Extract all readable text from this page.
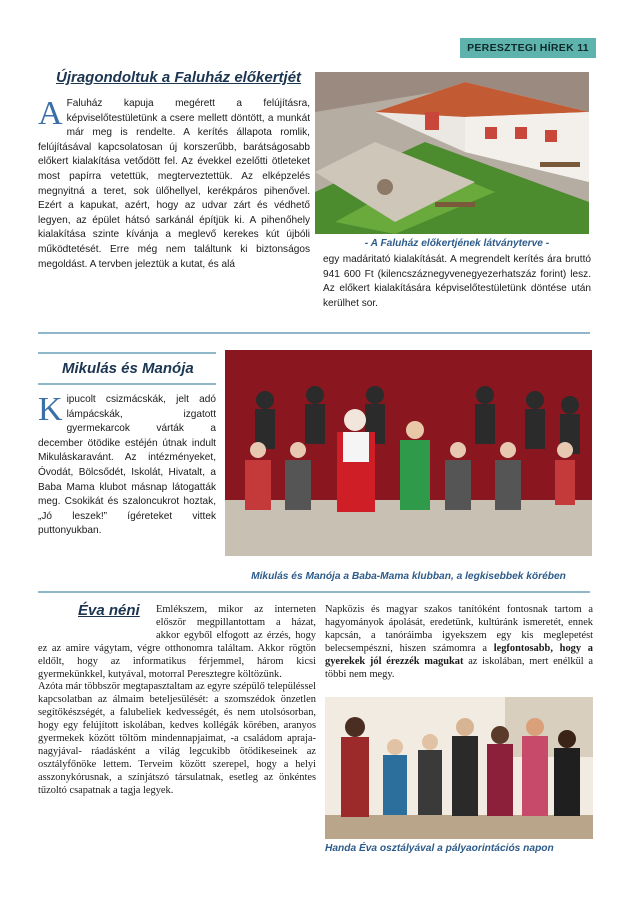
PERESZTEGI HÍREK 11
Újragondoltuk a Faluház előkertjét
A Faluház kapuja megérett a felújításra, képviselőtestületünk a csere mellett döntött, a munkát már meg is rendelte. A kerítés állapota romlik, felújításával kapcsolatosan új korszerűbb, barátságosabb előkert kialakítása vetődött fel. Az évekkel ezelőtti ötleteket most papírra vetettük, megterveztettük. Az elképzelés megnyitná a teret, sok ülőhellyel, kerékpáros pihenővel. Ezért a kapukat, azért, hogy az udvar zárt és védhető legyen, az épület hátsó sarkánál építjük ki. A pihenőhely kialakítása szinte kívánja a meglevő kerekes kút újbóli működtetését. Erre még nem találtunk ki biztonságos megoldást. A tervben jeleztük a kutat, és alá
- A Faluház előkertjének látványterve -
egy madáritató kialakítását. A megrendelt kerítés ára bruttó 941 600 Ft (kilencszáznegyvenegyezerhatszáz forint) lesz. Az előkert kialakítására képviselőtestületünk döntése után kerülhet sor.
Mikulás és Manója
K ipucolt csizmácskák, jelt adó lámpácskák, izgatott gyermekarcok várták a december ötödike estéjén útnak indult Mikuláskaravánt. Az intézményeket, Óvodát, Bölcsődét, Iskolát, Hivatalt, a Baba Mama klubot másnap látogatták meg. Csokikát és szaloncukrot hoztak, „Jó leszek!” ígéreteket vittek puttonyukban.
Mikulás és Manója a Baba-Mama klubban, a legkisebbek körében
Éva néni	Emlékszem, mikor az interneten először megpillantottam a házat, akkor egyből elfogott az érzés, hogy ez az amire vágytam, végre otthonomra találtam. Akkor rögtön eldőlt, hogy az informatikus férjemmel, három kicsi gyermekünkkel, kutyával, motorral Peresztegre költözünk.
Azóta már többször megtapasztaltam az egyre szépülő településsel kapcsolatban az álmaim beteljesülését: a szomszédok önzetlen segítőkészségét, a falubeliek kedvességét, és nem utolsósorban, hogy egy felújított iskolában, kedves kollégák körében, aranyos gyermekek között töltöm mindennapjaimat, -a családom apraja-nagyjával- ráadásként a világ legcukibb ötödikeseinek az osztályfőnöke lettem. Terveim között szerepel, hogy a helyi asszonykórusnak, a színjátszó társulatnak, esetleg az önkéntes tűzoltó csapatnak a tagja legyek.
Napközis és magyar szakos tanítóként fontosnak tartom a hagyományok ápolását, eredetünk, kultúránk ismeretét, ennek kapcsán, a tanóráimba igyekszem egy kis meglepetést belecsempészni, hiszen számomra a legfontosabb, hogy a gyerekek jól érezzék magukat az iskolában, mert enélkül a többi nem megy.
Handa Éva osztályával a pályaorintációs napon
